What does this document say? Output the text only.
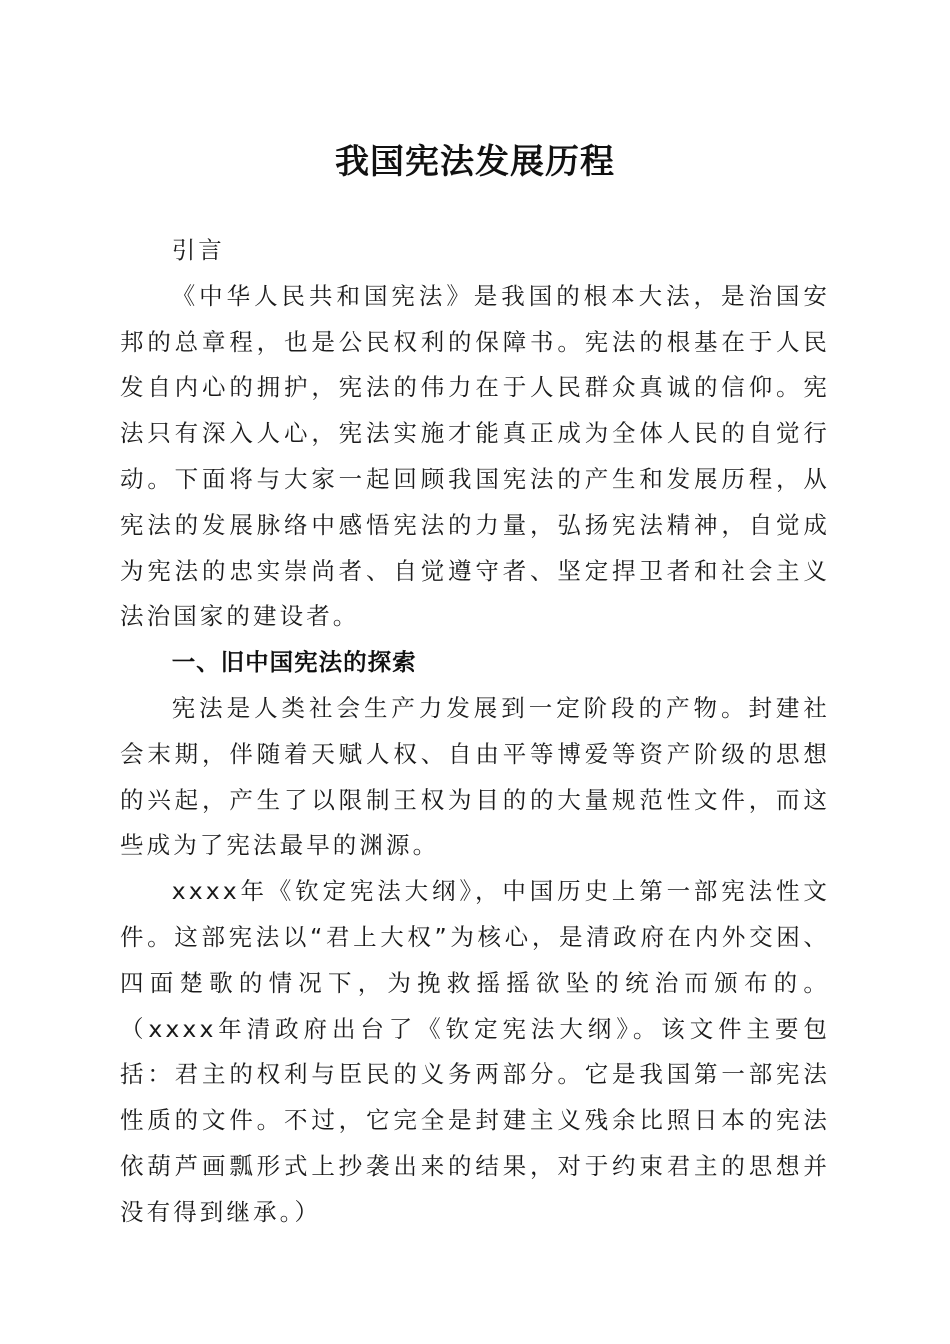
我国宪法发展历程

引言

《中华人民共和国宪法》是我国的根本大法，是治国安邦的总章程，也是公民权利的保障书。宪法的根基在于人民发自内心的拥护，宪法的伟力在于人民群众真诚的信仰。宪法只有深入人心，宪法实施才能真正成为全体人民的自觉行动。下面将与大家一起回顾我国宪法的产生和发展历程，从宪法的发展脉络中感悟宪法的力量，弘扬宪法精神，自觉成为宪法的忠实崇尚者、自觉遵守者、坚定捍卫者和社会主义法治国家的建设者。

一、旧中国宪法的探索

宪法是人类社会生产力发展到一定阶段的产物。封建社会末期，伴随着天赋人权、自由平等博爱等资产阶级的思想的兴起，产生了以限制王权为目的的大量规范性文件，而这些成为了宪法最早的渊源。

xxxx年《钦定宪法大纲》，中国历史上第一部宪法性文件。这部宪法以“君上大权”为核心，是清政府在内外交困、四面楚歌的情况下，为挽救摇摇欲坠的统治而颁布的。（xxxx年清政府出台了《钦定宪法大纲》。该文件主要包括：君主的权利与臣民的义务两部分。它是我国第一部宪法性质的文件。不过，它完全是封建主义残余比照日本的宪法依葫芦画瓢形式上抄袭出来的结果，对于约束君主的思想并没有得到继承。）
